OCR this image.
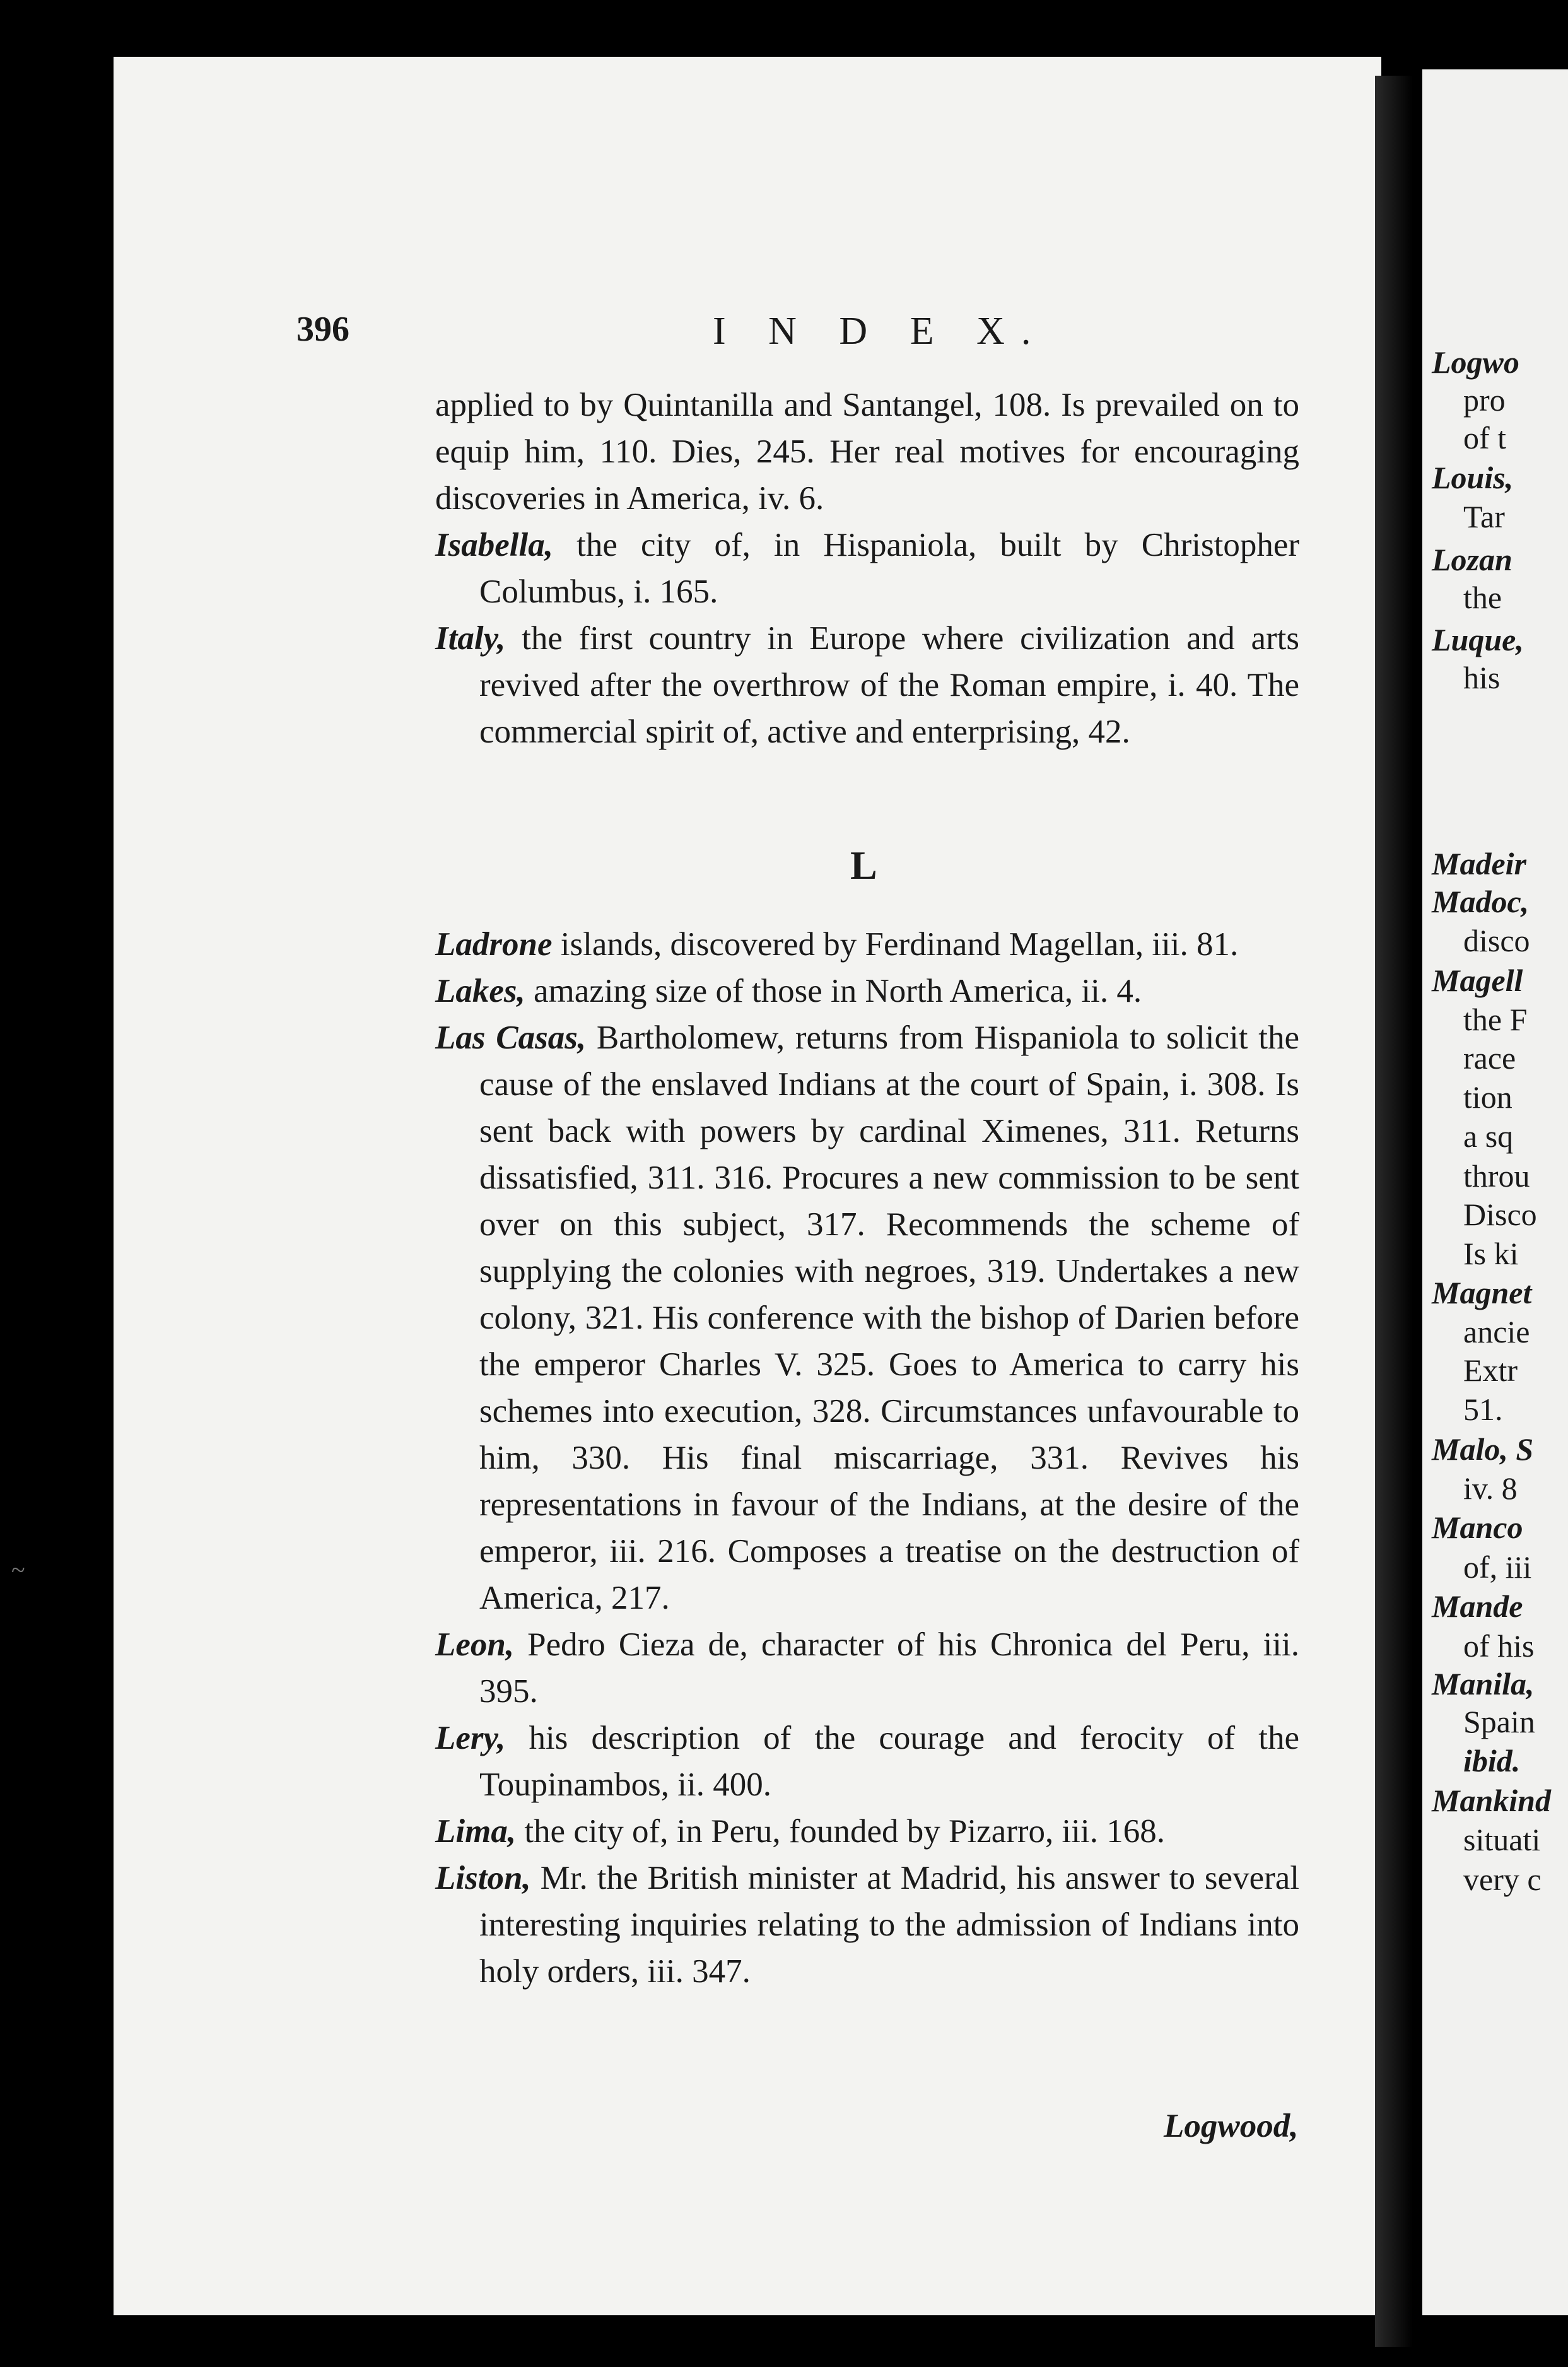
Logwo
pro
of t
Louis,
Tar
Lozan
the
Luque,
his
Madeir
Madoc,
disco
Magell
the F
race
tion
a sq
throu
Disco
Is ki
Magnet
ancie
Extr
51.
Malo, S
iv. 8
Manco
of, iii
Mande
of his
Manila,
Spain
ibid.
Mankind
situati
very c
~
396	I N D E X.

applied to by Quintanilla and Santangel, 108. Is prevailed on to equip him, 110. Dies, 245. Her real motives for encouraging discoveries in America, iv. 6.

Isabella, the city of, in Hispaniola, built by Christopher Columbus, i. 165.

Italy, the first country in Europe where civilization and arts revived after the overthrow of the Roman empire, i. 40. The commercial spirit of, active and enterprising, 42.

L

Ladrone islands, discovered by Ferdinand Magellan, iii. 81.

Lakes, amazing size of those in North America, ii. 4.

Las Casas, Bartholomew, returns from Hispaniola to solicit the cause of the enslaved Indians at the court of Spain, i. 308. Is sent back with powers by cardinal Ximenes, 311. Returns dissatisfied, 311. 316. Procures a new commission to be sent over on this subject, 317. Recommends the scheme of supplying the colonies with negroes, 319. Undertakes a new colony, 321. His conference with the bishop of Darien before the emperor Charles V. 325. Goes to America to carry his schemes into execution, 328. Circumstances unfavourable to him, 330. His final miscarriage, 331. Revives his representations in favour of the Indians, at the desire of the emperor, iii. 216. Composes a treatise on the destruction of America, 217.

Leon, Pedro Cieza de, character of his Chronica del Peru, iii. 395.

Lery, his description of the courage and ferocity of the Toupinambos, ii. 400.

Lima, the city of, in Peru, founded by Pizarro, iii. 168.

Liston, Mr. the British minister at Madrid, his answer to several interesting inquiries relating to the admission of Indians into holy orders, iii. 347.

Logwood,
